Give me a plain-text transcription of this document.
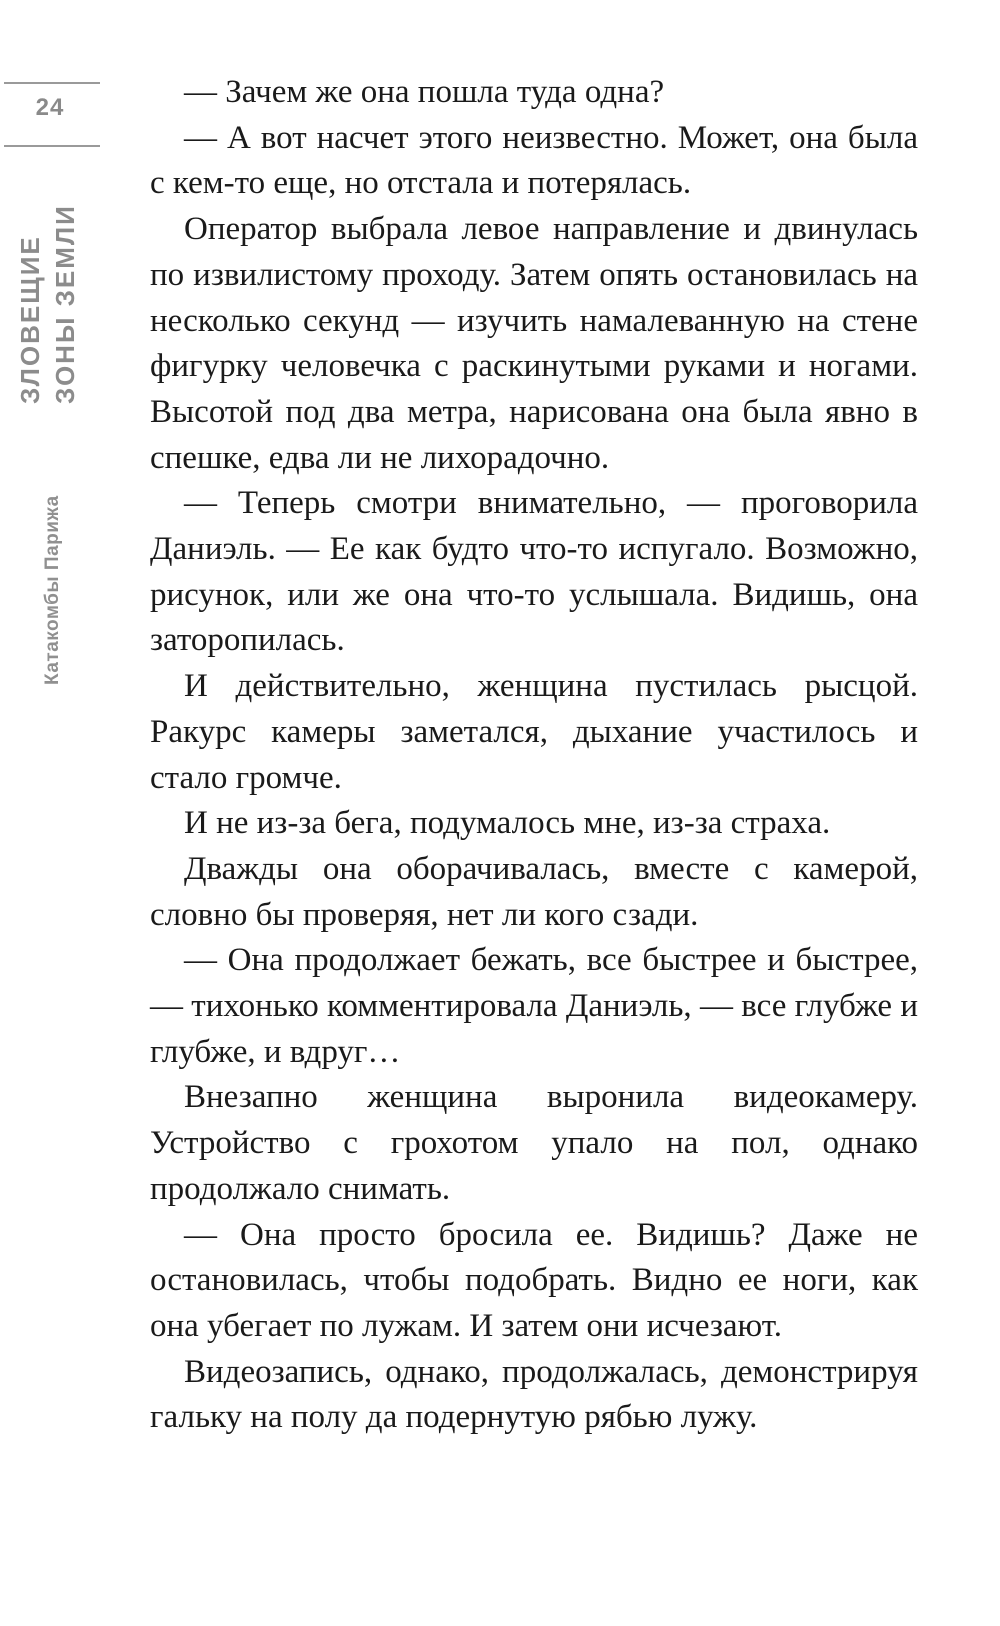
24
ЗЛОВЕЩИЕ ЗОНЫ ЗЕМЛИ
Катакомбы Парижа

— Зачем же она пошла туда одна?

— А вот насчет этого неизвестно. Может, она была с кем-то еще, но отстала и потерялась.

Оператор выбрала левое направление и двинулась по извилистому проходу. Затем опять остановилась на несколько секунд — изучить намалеванную на стене фигурку человечка с раскинутыми руками и ногами. Высотой под два метра, нарисована она была явно в спешке, едва ли не лихорадочно.

— Теперь смотри внимательно, — проговорила Даниэль. — Ее как будто что-то испугало. Возможно, рисунок, или же она что-то услышала. Видишь, она заторопилась.

И действительно, женщина пустилась рысцой. Ракурс камеры заметался, дыхание участилось и стало громче.

И не из-за бега, подумалось мне, из-за страха.

Дважды она оборачивалась, вместе с камерой, словно бы проверяя, нет ли кого сзади.

— Она продолжает бежать, все быстрее и быстрее, — тихонько комментировала Даниэль, — все глубже и глубже, и вдруг…

Внезапно женщина выронила видеокамеру. Устройство с грохотом упало на пол, однако продолжало снимать.

— Она просто бросила ее. Видишь? Даже не остановилась, чтобы подобрать. Видно ее ноги, как она убегает по лужам. И затем они исчезают.

Видеозапись, однако, продолжалась, демонстрируя гальку на полу да подернутую рябью лужу.
